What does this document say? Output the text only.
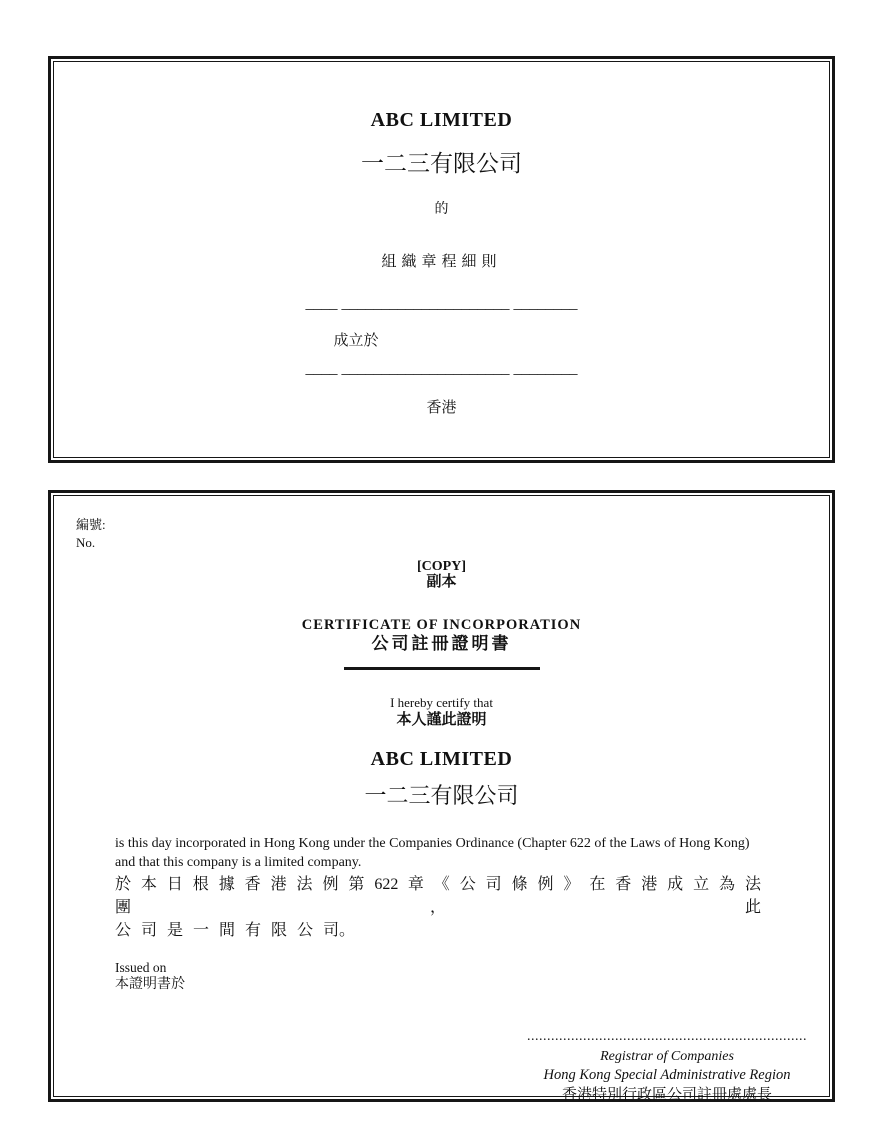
ABC LIMITED
一二三有限公司
的
組織章程細則
____ _____________________ ________
成立於
____ _____________________ ________
香港
編號:
No.
[COPY]
副本
CERTIFICATE OF INCORPORATION
公司註冊證明書
I hereby certify that
本人謹此證明
ABC LIMITED
一二三有限公司
is this day incorporated in Hong Kong under the Companies Ordinance (Chapter 622 of the Laws of Hong Kong) and that this company is a limited company.
於 本 日 根 據 香 港 法 例 第 622 章 《 公 司 條 例 》 在 香 港 成 立 為 法 團 ， 此
公 司 是 一 間 有 限 公 司。
Issued on
本證明書於
......................................................................
Registrar of Companies
Hong Kong Special Administrative Region
香港特別行政區公司註冊處處長
